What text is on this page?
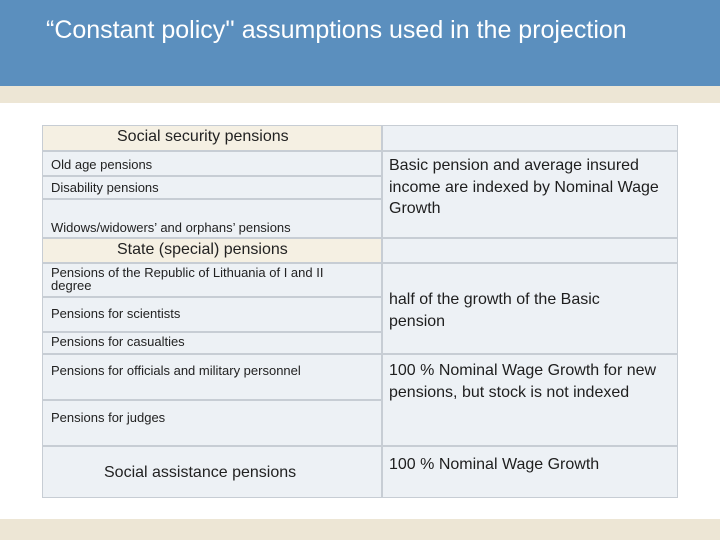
“Constant policy'' assumptions used in the projection
Social security pensions
Old age pensions
Disability pensions
Widows/widowers’ and orphans’ pensions
State (special) pensions
Pensions of the Republic of Lithuania of I and II degree
Pensions for scientists
Pensions for casualties
Pensions for officials and military personnel
Pensions for judges
Social assistance pensions
Basic pension and average insured income are indexed by Nominal Wage Growth
half of the growth of the Basic pension
100 % Nominal Wage Growth for new pensions, but stock is not indexed
100 % Nominal Wage Growth
